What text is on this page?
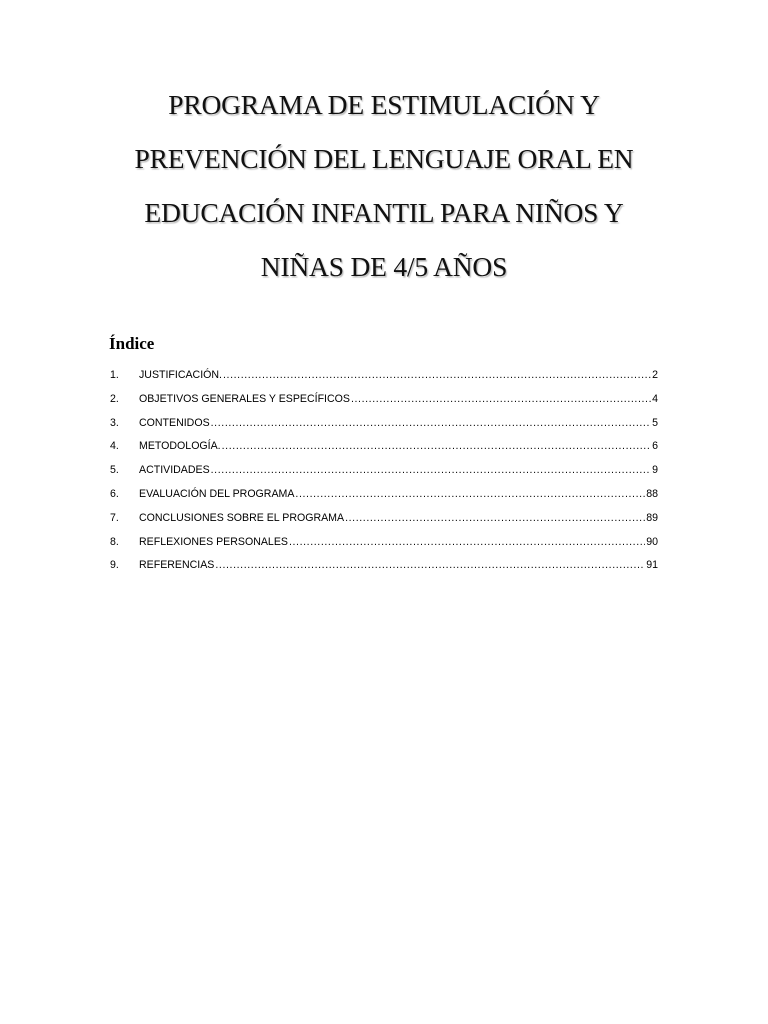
PROGRAMA DE ESTIMULACIÓN Y
PREVENCIÓN DEL LENGUAJE ORAL EN
EDUCACIÓN INFANTIL PARA NIÑOS Y
NIÑAS DE 4/5 AÑOS
Índice
1.	JUSTIFICACIÓN. .....	2
2.	OBJETIVOS GENERALES Y ESPECÍFICOS .....	4
3.	CONTENIDOS .....	5
4.	METODOLOGÍA. .....	6
5.	ACTIVIDADES .....	9
6.	EVALUACIÓN DEL PROGRAMA .....	88
7.	CONCLUSIONES SOBRE EL PROGRAMA .....	89
8.	REFLEXIONES PERSONALES .....	90
9.	REFERENCIAS .....	91
